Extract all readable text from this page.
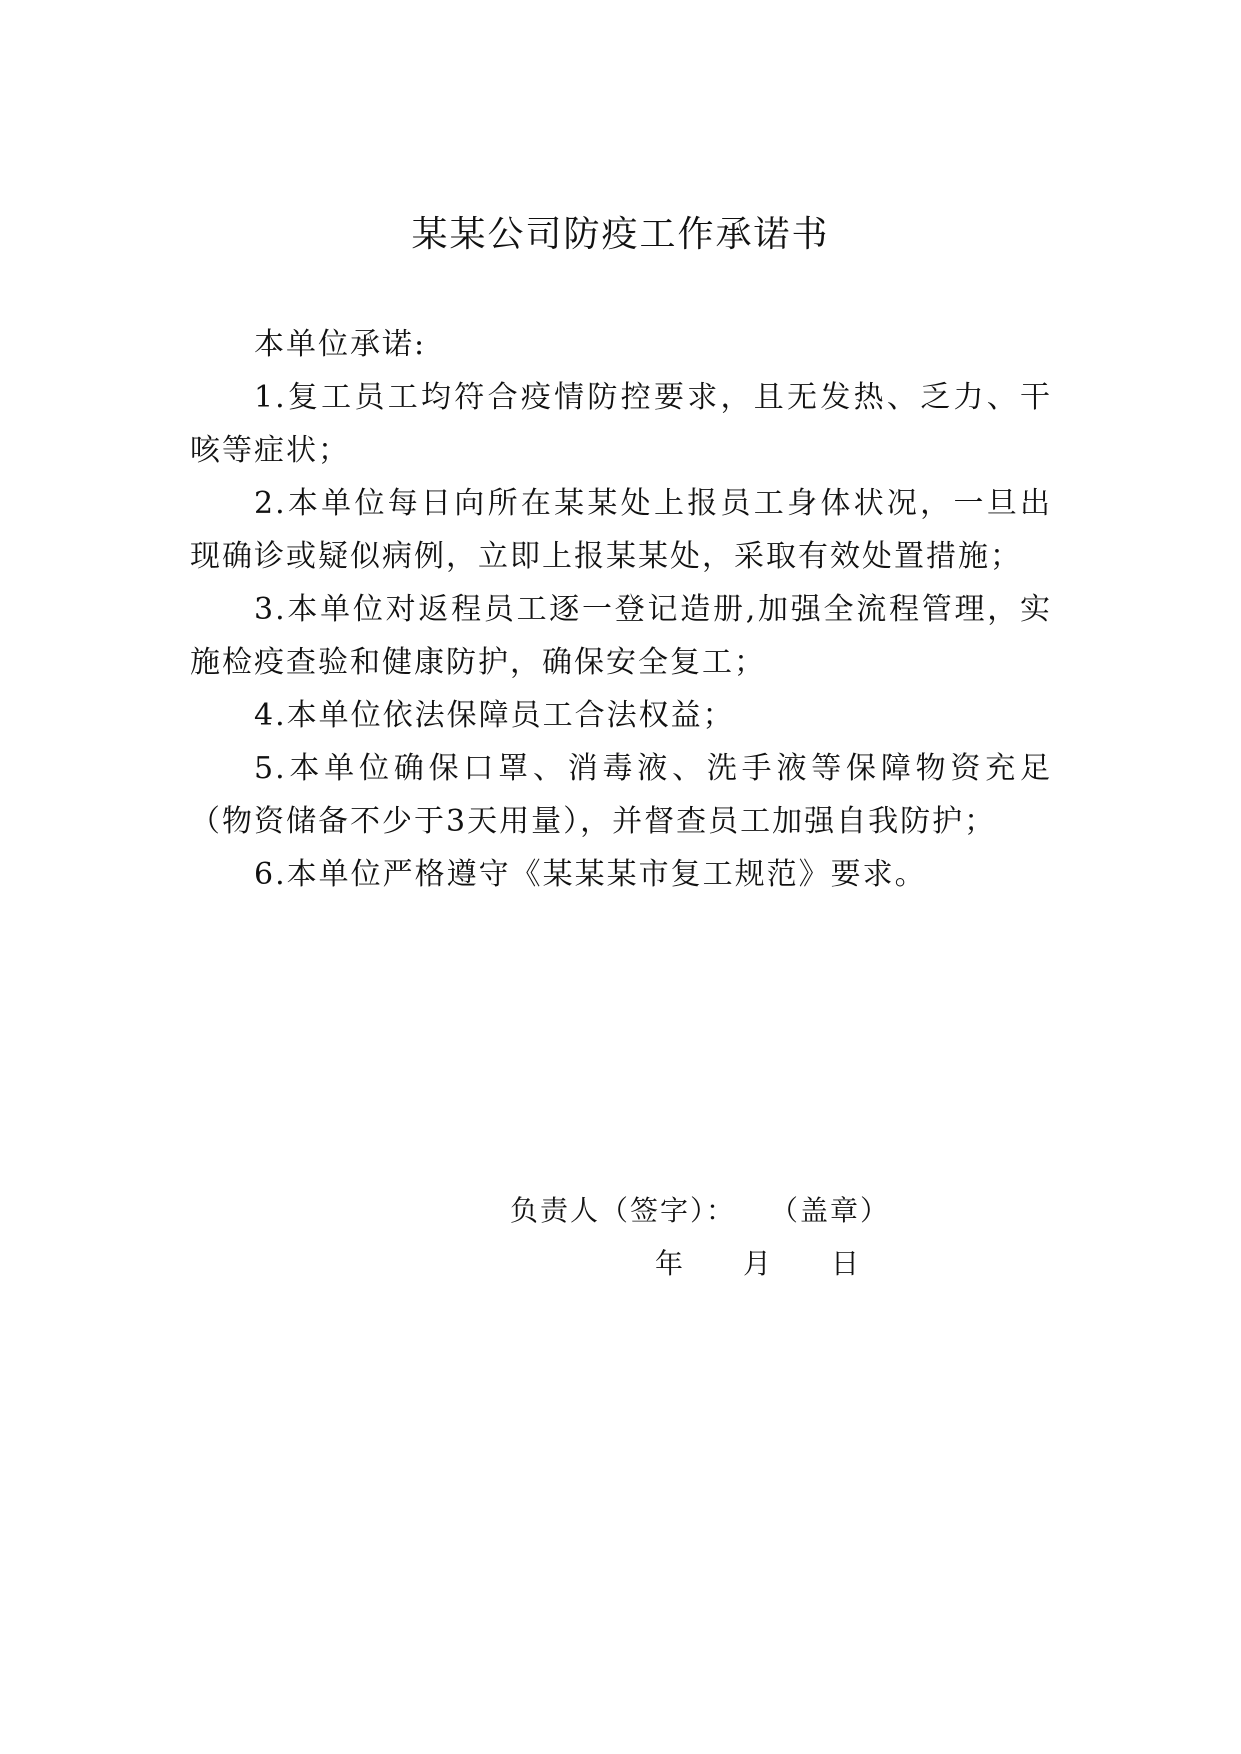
某某公司防疫工作承诺书

本单位承诺:

1.复工员工均符合疫情防控要求，且无发热、乏力、干咳等症状；

2.本单位每日向所在某某处上报员工身体状况，一旦出现确诊或疑似病例，立即上报某某处，采取有效处置措施；

3.本单位对返程员工逐一登记造册,加强全流程管理，实施检疫查验和健康防护，确保安全复工；

4.本单位依法保障员工合法权益；

5.本单位确保口罩、消毒液、洗手液等保障物资充足（物资储备不少于3天用量），并督查员工加强自我防护；

6.本单位严格遵守《某某某市复工规范》要求。

负责人（签字）： （盖章）
年 月 日
